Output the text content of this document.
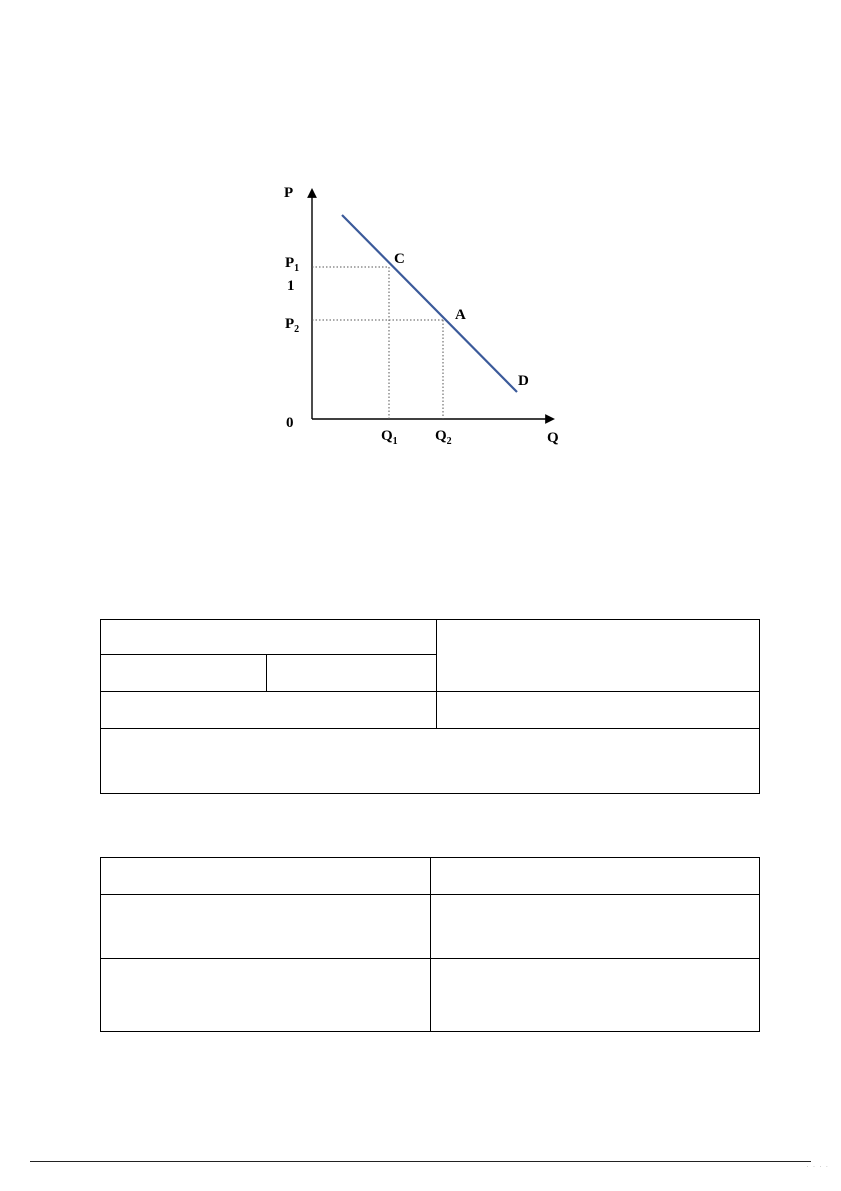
P
Q
0
$P_1$
1
$P_2$
$Q_1$ $Q_2$
C
A
D

· · · ·
